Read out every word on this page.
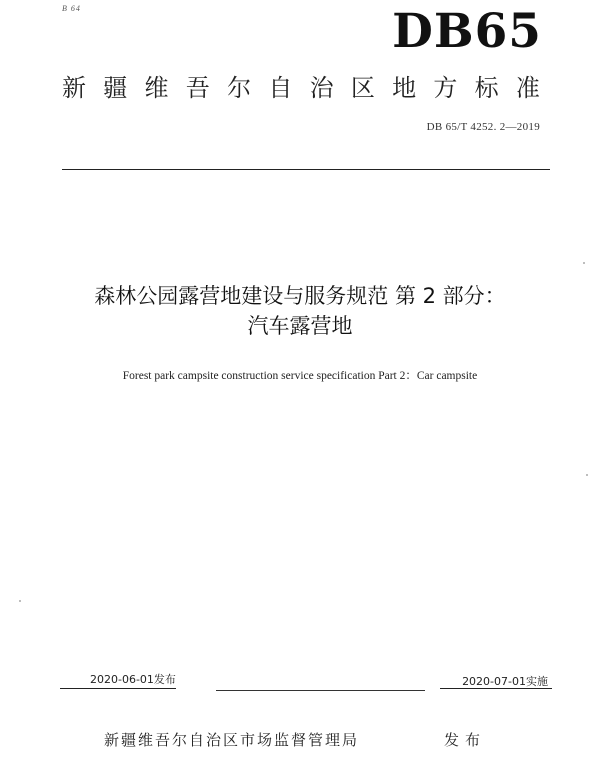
B 64	DB65
新 疆 维 吾 尔 自 治 区 地 方 标 准
DB 65/T 4252. 2—2019
森林公园露营地建设与服务规范 第 2 部分：
汽车露营地
Forest park campsite construction service specification Part 2：Car campsite
2020-06-01发布	2020-07-01实施
新疆维吾尔自治区市场监督管理局	发布
